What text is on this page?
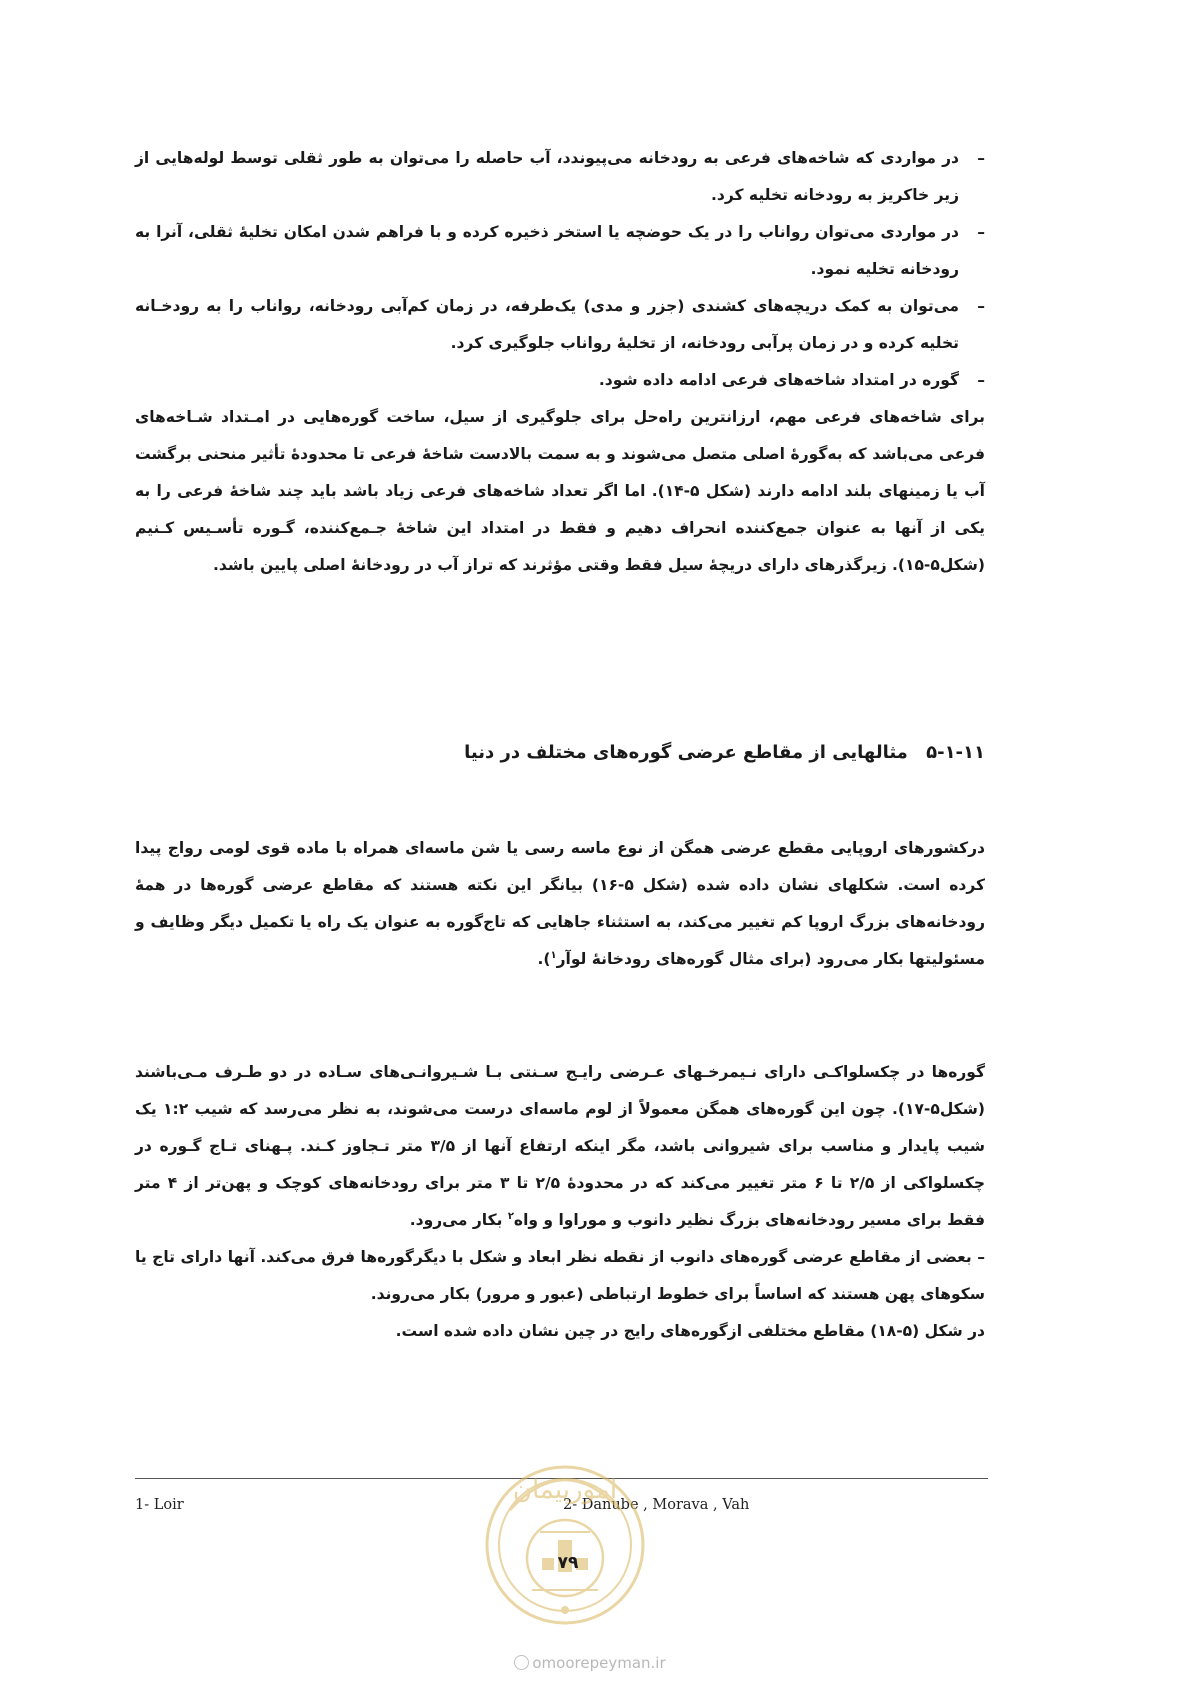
–
در مواردی که شاخه‌های فرعی به رودخانه می‌پیوندد، آب حاصله را می‌توان به طور ثقلی توسط لوله‌هایی از زیر خاکریز به رودخانه تخلیه کرد.
–
در مواردی می‌توان رواناب را در یک حوضچه یا استخر ذخیره کرده و با فراهم شدن امکان تخلیهٔ ثقلی، آنرا به رودخانه تخلیه نمود.
–
می‌توان به کمک دریچه‌های کشندی (جزر و مدی) یک‌طرفه، در زمان کم‌آبی رودخانه، رواناب را به رودخـانه تخلیه کرده و در زمان پرآبی رودخانه، از تخلیهٔ رواناب جلوگیری کرد.
–
گوره در امتداد شاخه‌های فرعی ادامه داده شود.

برای شاخه‌های فرعی مهم، ارزانترین راه‌حل برای جلوگیری از سیل، ساخت گوره‌هایی در امـتداد شـاخه‌های فرعی می‌باشد که به‌گورهٔ اصلی متصل می‌شوند و به سمت بالادست شاخهٔ فرعی تا محدودهٔ تأثیر منحنی برگشت آب یا زمینهای بلند ادامه دارند (شکل ۵-۱۴). اما اگر تعداد شاخه‌های فرعی زیاد باشد باید چند شاخهٔ فرعی را به یکی از آنها به عنوان جمع‌کننده انحراف دهیم و فقط در امتداد این شاخهٔ جـمع‌کننده، گـوره تأسـیس کـنیم (شکل۵-۱۵). زیرگذرهای دارای دریچهٔ سیل فقط وقتی مؤثرند که تراز آب در رودخانهٔ اصلی پایین باشد.

۵-۱-۱۱ مثالهایی از مقاطع عرضی گوره‌های مختلف در دنیا

درکشورهای اروپایی مقطع عرضی همگن از نوع ماسه رسی یا شن ماسه‌ای همراه با ماده قوی لومی رواج پیدا کرده است. شکلهای نشان داده شده (شکل ۵-۱۶) بیانگر این نکته هستند که مقاطع عرضی گوره‌ها در همهٔ رودخانه‌های بزرگ اروپا کم تغییر می‌کند، به استثناء جاهایی که تاج‌گوره به عنوان یک راه یا تکمیل دیگر وظایف و مسئولیتها بکار می‌رود (برای مثال گوره‌های رودخانهٔ لوآر$^۱$).

گوره‌ها در چکسلواکـی دارای نـیمرخـهای عـرضی رایـج سـنتی بـا شـیروانـی‌های سـاده در دو طـرف مـی‌باشند (شکل۵-۱۷). چون این گوره‌های همگن معمولاً از لوم ماسه‌ای درست می‌شوند، به نظر می‌رسد که شیب ۱:۲ یک شیب پایدار و مناسب برای شیروانی باشد، مگر اینکه ارتفاع آنها از ۳/۵ متر تـجاوز کـند. پـهنای تـاج گـوره در چکسلواکی از ۲/۵ تا ۶ متر تغییر می‌کند که در محدودهٔ ۲/۵ تا ۳ متر برای رودخانه‌های کوچک و پهن‌تر از ۴ متر فقط برای مسیر رودخانه‌های بزرگ نظیر دانوب و موراوا و واه$^۲$ بکار می‌رود.

– بعضی از مقاطع عرضی گوره‌های دانوب از نقطه نظر ابعاد و شکل با دیگرگوره‌ها فرق می‌کند. آنها دارای تاج یا سکوهای پهن هستند که اساساً برای خطوط ارتباطی (عبور و مرور) بکار می‌روند.

در شکل (۵-۱۸) مقاطع مختلفی ازگوره‌های رایج در چین نشان داده شده است.

1- Loir	2- Danube , Morava , Vah
امورپیمان
۷۹
omoorepeyman.ir
